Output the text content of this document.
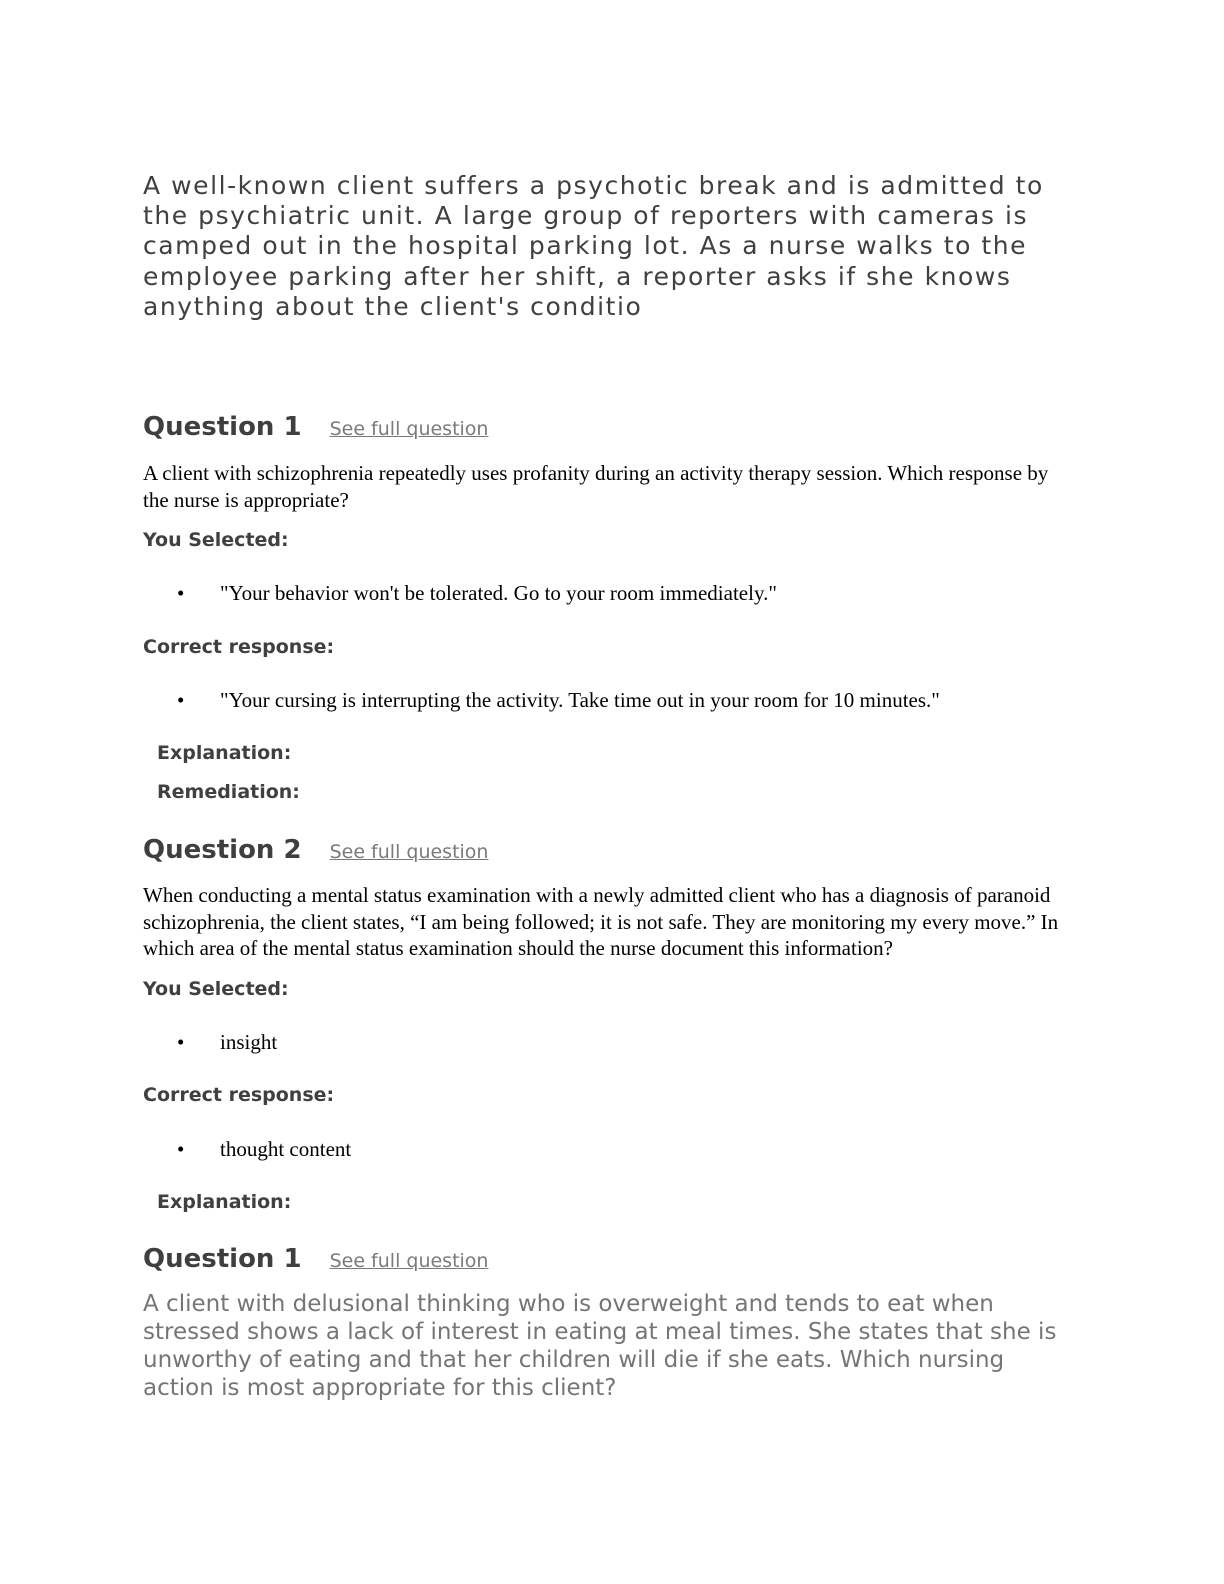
A well-known client suffers a psychotic break and is admitted to the psychiatric unit. A large group of reporters with cameras is camped out in the hospital parking lot. As a nurse walks to the employee parking after her shift, a reporter asks if she knows anything about the client's conditio

Question 1 See full question

A client with schizophrenia repeatedly uses profanity during an activity therapy session. Which response by the nurse is appropriate?

You Selected:
•	"Your behavior won't be tolerated. Go to your room immediately."
Correct response:
•	"Your cursing is interrupting the activity. Take time out in your room for 10 minutes."
Explanation:
Remediation:
Question 2 See full question

When conducting a mental status examination with a newly admitted client who has a diagnosis of paranoid schizophrenia, the client states, “I am being followed; it is not safe. They are monitoring my every move.” In which area of the mental status examination should the nurse document this information?

You Selected:
•	insight
Correct response:
•	thought content
Explanation:
Question 1 See full question

A client with delusional thinking who is overweight and tends to eat when stressed shows a lack of interest in eating at meal times. She states that she is unworthy of eating and that her children will die if she eats. Which nursing action is most appropriate for this client?
